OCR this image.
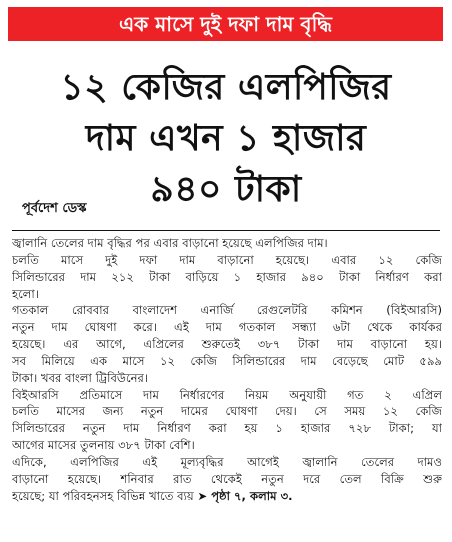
এক মাসে দুই দফা দাম বৃদ্ধি
১২ কেজির এলপিজির
দাম এখন ১ হাজার
৯৪০ টাকা
পূর্বদেশ ডেস্ক
জ্বালানি তেলের দাম বৃদ্ধির পর এবার বাড়ানো হয়েছে এলপিজির দাম।
চলতি মাসে দুই দফা দাম বাড়ানো হয়েছে। এবার ১২ কেজি
সিলিন্ডারের দাম ২১২ টাকা বাড়িয়ে ১ হাজার ৯৪০ টাকা নির্ধারণ করা
হলো।
গতকাল রোববার বাংলাদেশ এনার্জি রেগুলেটরি কমিশন (বিইআরসি)
নতুন দাম ঘোষণা করে। এই দাম গতকাল সন্ধ্যা ৬টা থেকে কার্যকর
হয়েছে। এর আগে, এপ্রিলের শুরুতেই ৩৮৭ টাকা দাম বাড়ানো হয়।
সব মিলিয়ে এক মাসে ১২ কেজি সিলিন্ডারের দাম বেড়েছে মোট ৫৯৯
টাকা। খবর বাংলা ট্রিবিউনের।
বিইআরসি প্রতিমাসে দাম নির্ধারণের নিয়ম অনুযায়ী গত ২ এপ্রিল
চলতি মাসের জন্য নতুন দামের ঘোষণা দেয়। সে সময় ১২ কেজি
সিলিন্ডারের নতুন দাম নির্ধারণ করা হয় ১ হাজার ৭২৮ টাকা; যা
আগের মাসের তুলনায় ৩৮৭ টাকা বেশি।
এদিকে, এলপিজির এই মূল্যবৃদ্ধির আগেই জ্বালানি তেলের দামও
বাড়ানো হয়েছে। শনিবার রাত থেকেই নতুন দরে তেল বিক্রি শুরু
হয়েছে; যা পরিবহনসহ বিভিন্ন খাতে ব্যয় ➤ পৃষ্ঠা ৭, কলাম ৩.
